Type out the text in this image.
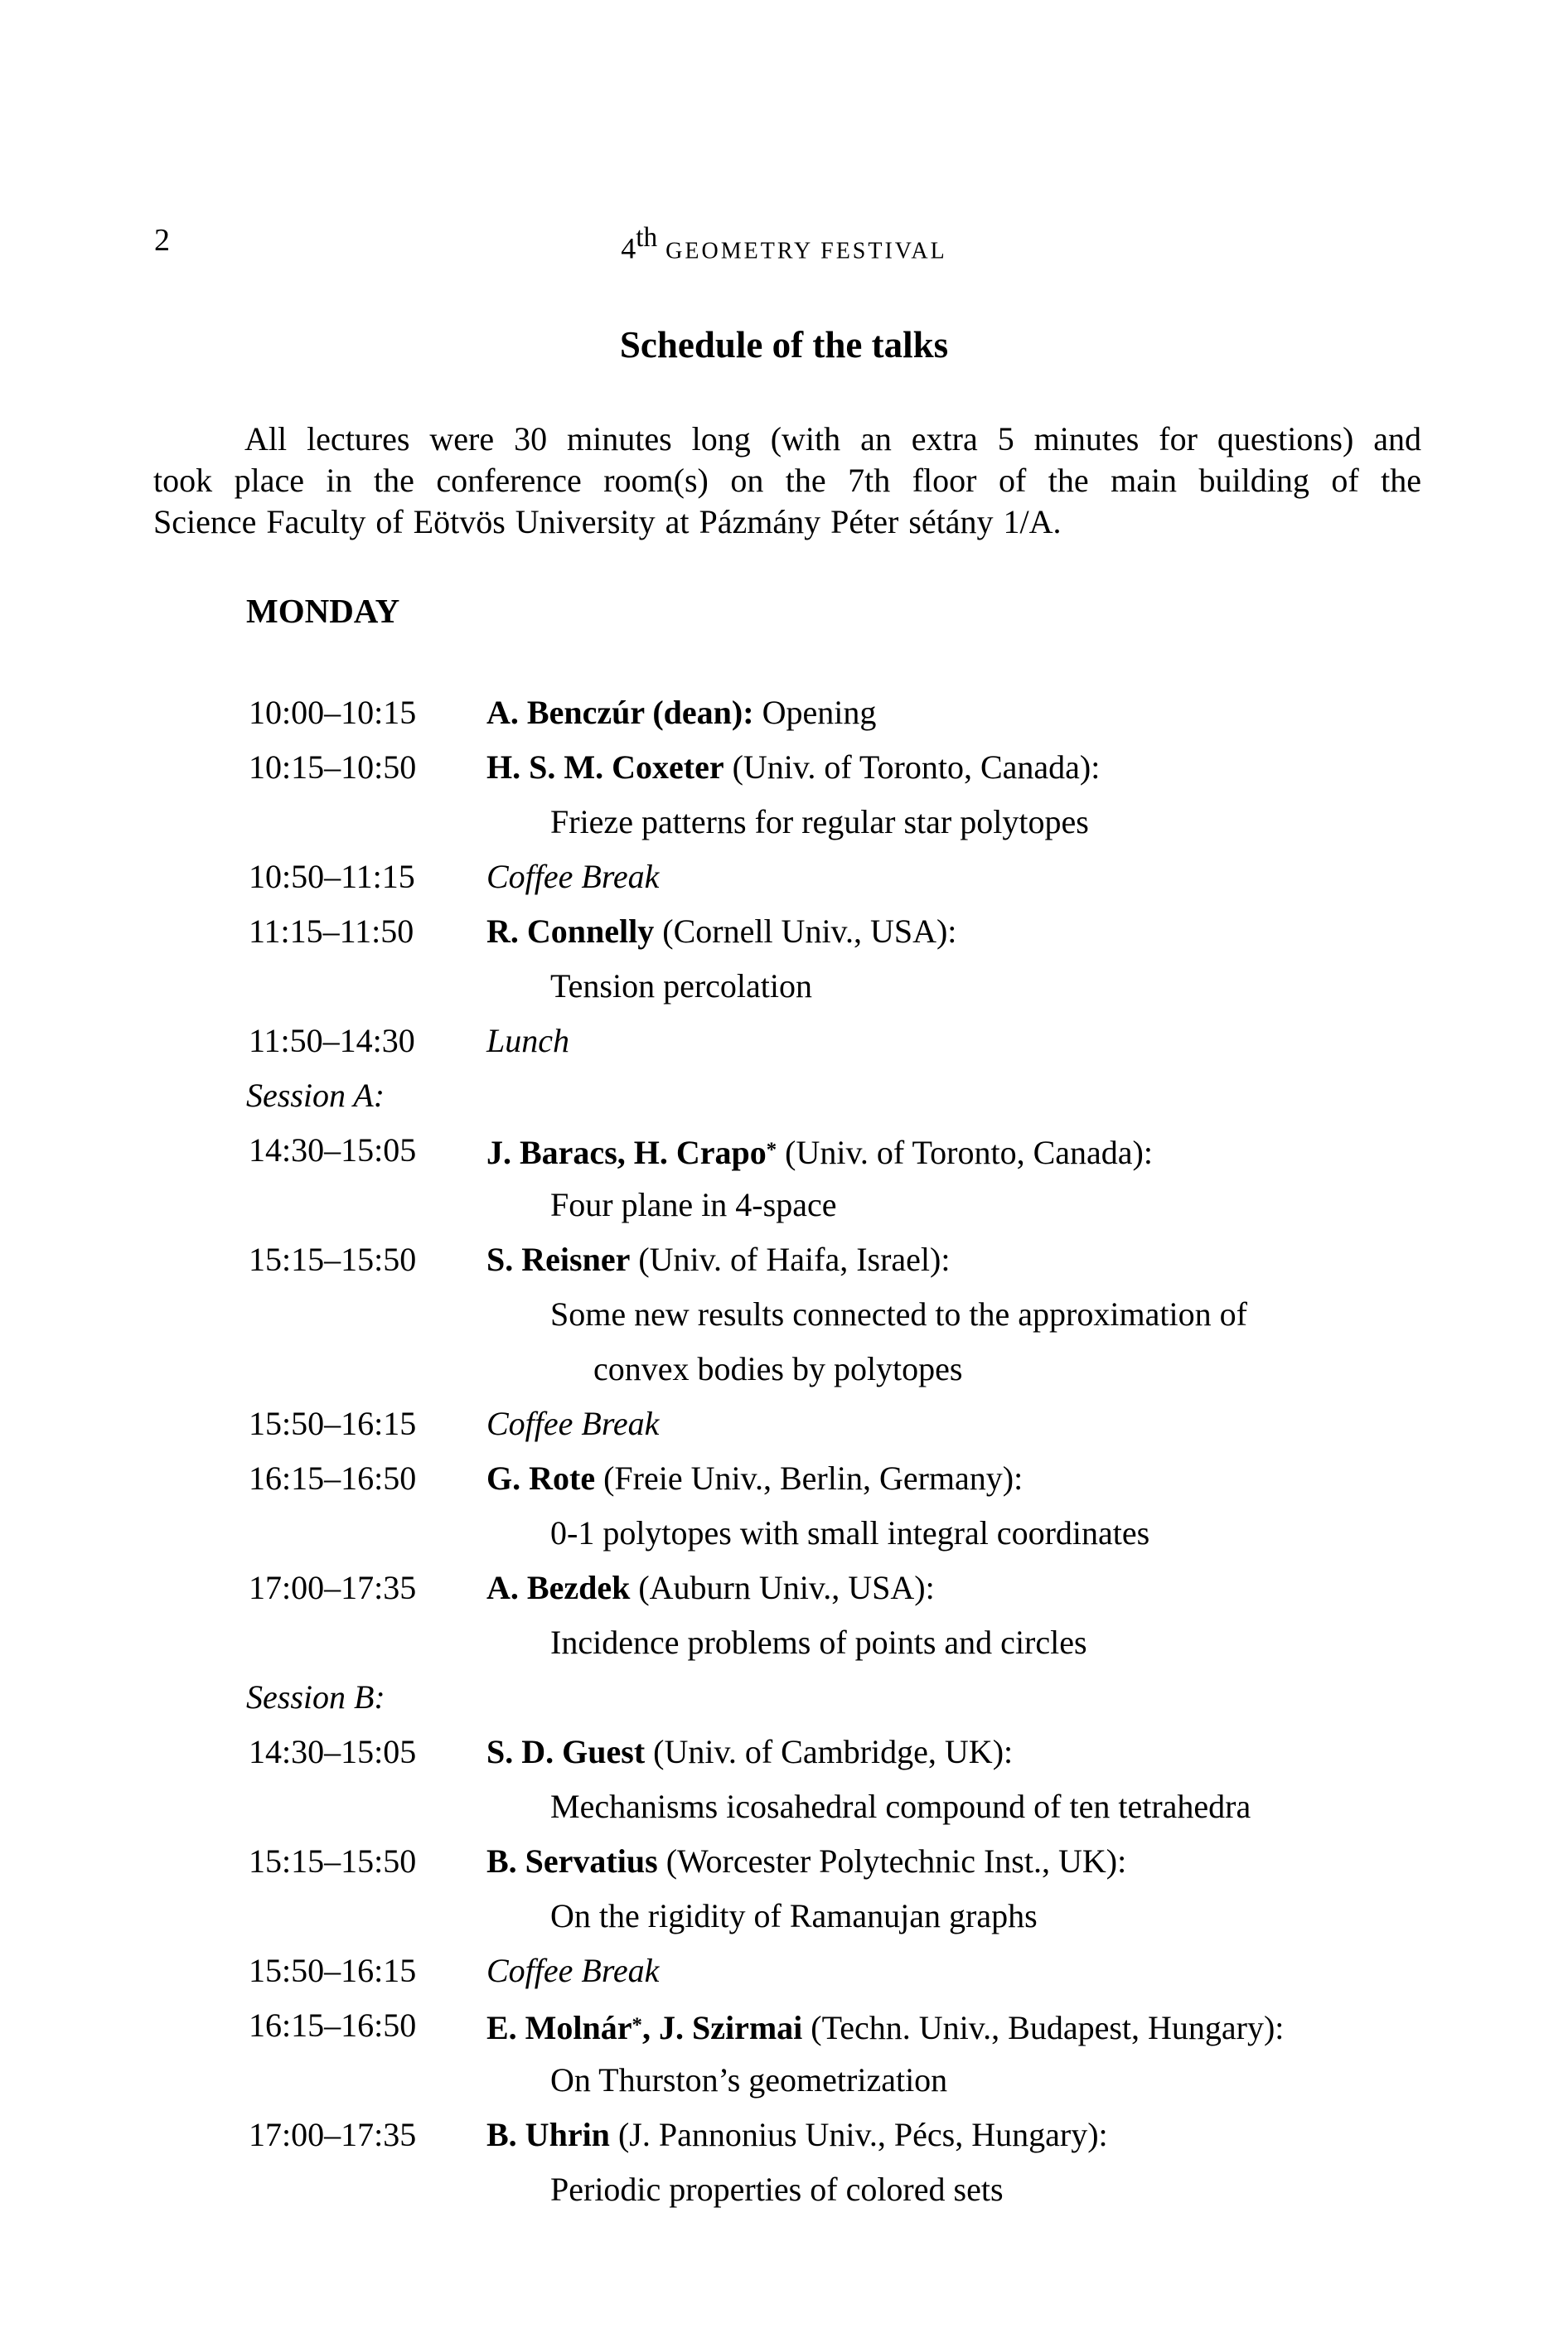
2	4th GEOMETRY FESTIVAL
Schedule of the talks
All lectures were 30 minutes long (with an extra 5 minutes for questions) and
took place in the conference room(s) on the 7th floor of the main building of the
Science Faculty of Eötvös University at Pázmány Péter sétány 1/A.
MONDAY
10:00–10:15 A. Benczúr (dean): Opening
10:15–10:50 H. S. M. Coxeter (Univ. of Toronto, Canada):
Frieze patterns for regular star polytopes
10:50–11:15 Coffee Break
11:15–11:50 R. Connelly (Cornell Univ., USA):
Tension percolation
11:50–14:30 Lunch
Session A:
14:30–15:05 J. Baracs, H. Crapo* (Univ. of Toronto, Canada):
Four plane in 4-space
15:15–15:50 S. Reisner (Univ. of Haifa, Israel):
Some new results connected to the approximation of
convex bodies by polytopes
15:50–16:15 Coffee Break
16:15–16:50 G. Rote (Freie Univ., Berlin, Germany):
0-1 polytopes with small integral coordinates
17:00–17:35 A. Bezdek (Auburn Univ., USA):
Incidence problems of points and circles
Session B:
14:30–15:05 S. D. Guest (Univ. of Cambridge, UK):
Mechanisms icosahedral compound of ten tetrahedra
15:15–15:50 B. Servatius (Worcester Polytechnic Inst., UK):
On the rigidity of Ramanujan graphs
15:50–16:15 Coffee Break
16:15–16:50 E. Molnár*, J. Szirmai (Techn. Univ., Budapest, Hungary):
On Thurston’s geometrization
17:00–17:35 B. Uhrin (J. Pannonius Univ., Pécs, Hungary):
Periodic properties of colored sets
